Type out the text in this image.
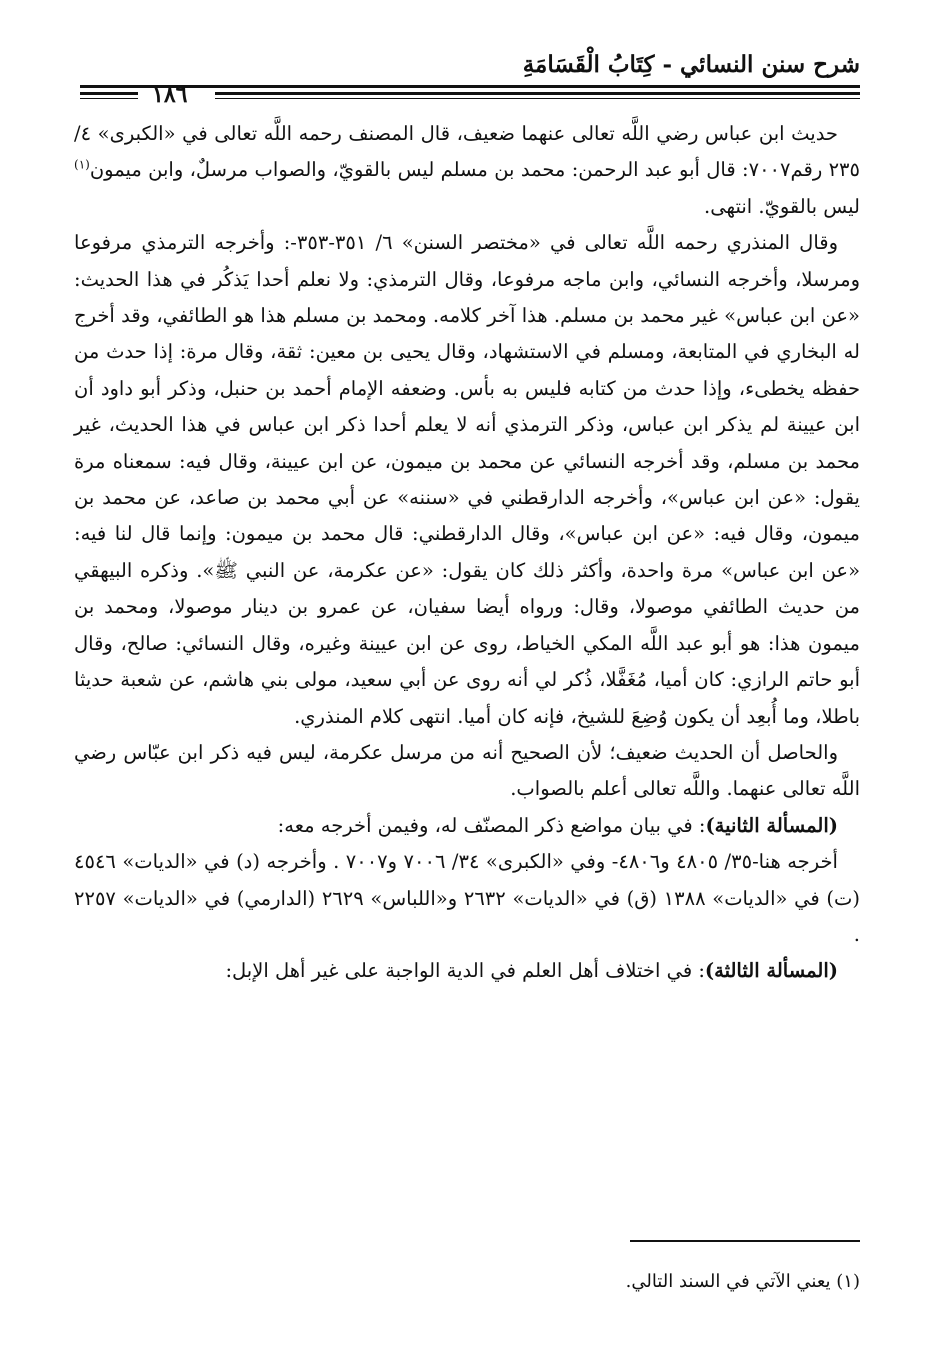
شرح سنن النسائي - كِتَابُ الْقَسَامَةِ
١٨٦

حديث ابن عباس رضي اللَّه تعالى عنهما ضعيف، قال المصنف رحمه اللَّه تعالى في «الكبرى» ٤/ ٢٣٥ رقم٧٠٠٧: قال أبو عبد الرحمن: محمد بن مسلم ليس بالقويّ، والصواب مرسلٌ، وابن ميمون$^{(١)}$ ليس بالقويّ. انتهى.

وقال المنذري رحمه اللَّه تعالى في «مختصر السنن» ٦/ ٣٥١-٣٥٣-: وأخرجه الترمذي مرفوعا ومرسلا، وأخرجه النسائي، وابن ماجه مرفوعا، وقال الترمذي: ولا نعلم أحدا يَذكُر في هذا الحديث: «عن ابن عباس» غير محمد بن مسلم. هذا آخر كلامه. ومحمد بن مسلم هذا هو الطائفي، وقد أخرج له البخاري في المتابعة، ومسلم في الاستشهاد، وقال يحيى بن معين: ثقة، وقال مرة: إذا حدث من حفظه يخطىء، وإذا حدث من كتابه فليس به بأس. وضعفه الإمام أحمد بن حنبل، وذكر أبو داود أن ابن عيينة لم يذكر ابن عباس، وذكر الترمذي أنه لا يعلم أحدا ذكر ابن عباس في هذا الحديث، غير محمد بن مسلم، وقد أخرجه النسائي عن محمد بن ميمون، عن ابن عيينة، وقال فيه: سمعناه مرة يقول: «عن ابن عباس»، وأخرجه الدارقطني في «سننه» عن أبي محمد بن صاعد، عن محمد بن ميمون، وقال فيه: «عن ابن عباس»، وقال الدارقطني: قال محمد بن ميمون: وإنما قال لنا فيه: «عن ابن عباس» مرة واحدة، وأكثر ذلك كان يقول: «عن عكرمة، عن النبي ﷺ». وذكره البيهقي من حديث الطائفي موصولا، وقال: ورواه أيضا سفيان، عن عمرو بن دينار موصولا، ومحمد بن ميمون هذا: هو أبو عبد اللَّه المكي الخياط، روى عن ابن عيينة وغيره، وقال النسائي: صالح، وقال أبو حاتم الرازي: كان أميا، مُغَفَّلا، ذُكر لي أنه روى عن أبي سعيد، مولى بني هاشم، عن شعبة حديثا باطلا، وما أُبعِد أن يكون وُضِعَ للشيخ، فإنه كان أميا. انتهى كلام المنذري.

والحاصل أن الحديث ضعيف؛ لأن الصحيح أنه من مرسل عكرمة، ليس فيه ذكر ابن عبّاس رضي اللَّه تعالى عنهما. واللَّه تعالى أعلم بالصواب.

(المسألة الثانية): في بيان مواضع ذكر المصنّف له، وفيمن أخرجه معه:

أخرجه هنا-٣٥/ ٤٨٠٥ و٤٨٠٦- وفي «الكبرى» ٣٤/ ٧٠٠٦ و٧٠٠٧ . وأخرجه (د) في «الديات» ٤٥٤٦ (ت) في «الديات» ١٣٨٨ (ق) في «الديات» ٢٦٣٢ و«اللباس» ٢٦٢٩ (الدارمي) في «الديات» ٢٢٥٧ .

(المسألة الثالثة): في اختلاف أهل العلم في الدية الواجبة على غير أهل الإبل:

(١) يعني الآتي في السند التالي.
